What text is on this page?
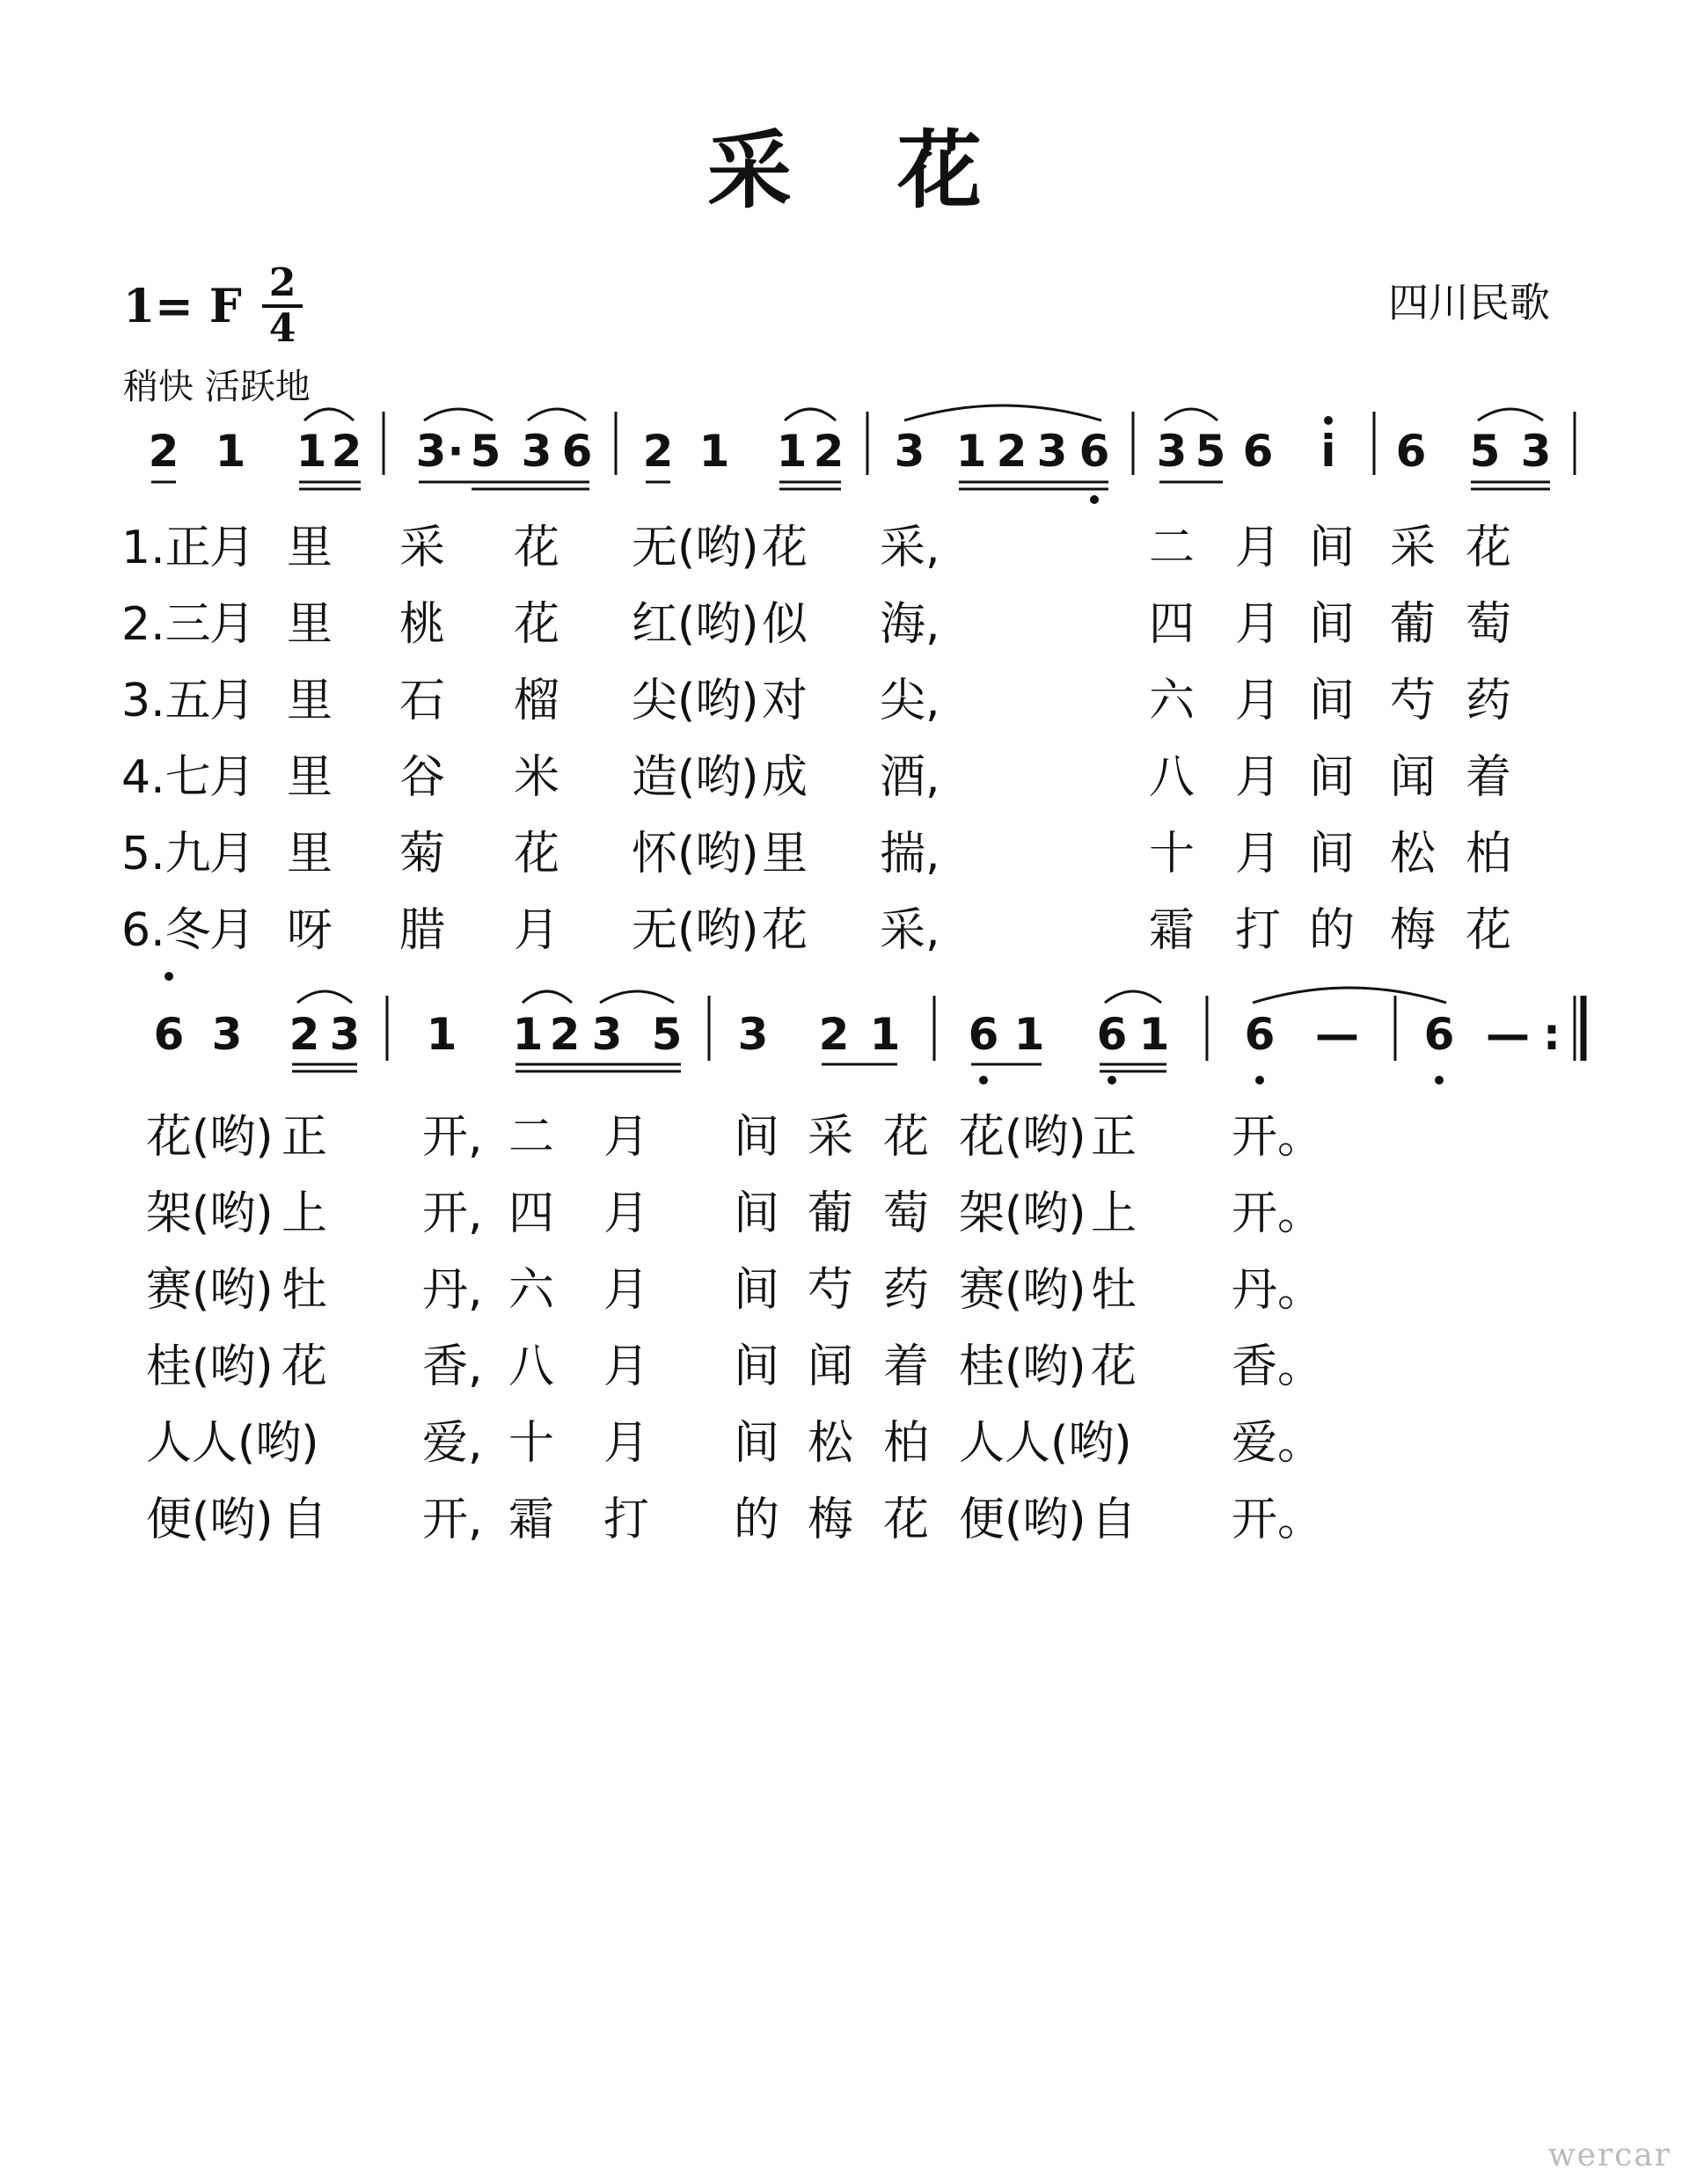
采花
1= F 2
4
四川民歌
稍快 活跃地
2 1 1 2 3 · 5 3 6 2 1 1 2 3 1 2 3 6 3 5 6 i 6 5 3
6 3 2 3 1 1 2 3 5 3 2 1 6 1 6 1 6 — 6 — :
1.正
月 里 采 花 无(哟) 花 采,	二 月 间 采 花
2.三
月 里 桃 花 红(哟) 似 海,	四 月 间 葡 萄
3.五
月 里 石 榴 尖(哟) 对 尖,	六 月 间 芍 药
4.七
月 里 谷 米 造(哟) 成 酒,	八 月 间 闻 着
5.九
月 里 菊 花 怀(哟) 里 揣,	十 月 间 松 柏
6.冬
月 呀 腊 月 无(哟) 花 采,	霜 打 的 梅 花
花(哟) 正 开, 二 月 间 采 花 花(哟) 正 开。
架(哟) 上 开, 四 月 间 葡 萄 架(哟) 上 开。
赛(哟) 牡 丹, 六 月 间 芍 药 赛(哟) 牡 丹。
桂(哟) 花 香, 八 月 间 闻 着 桂(哟) 花 香。
人人(哟) 爱, 十 月 间 松 柏 人人(哟) 爱。
便(哟) 自 开, 霜 打 的 梅 花 便(哟) 自 开。
wercar
